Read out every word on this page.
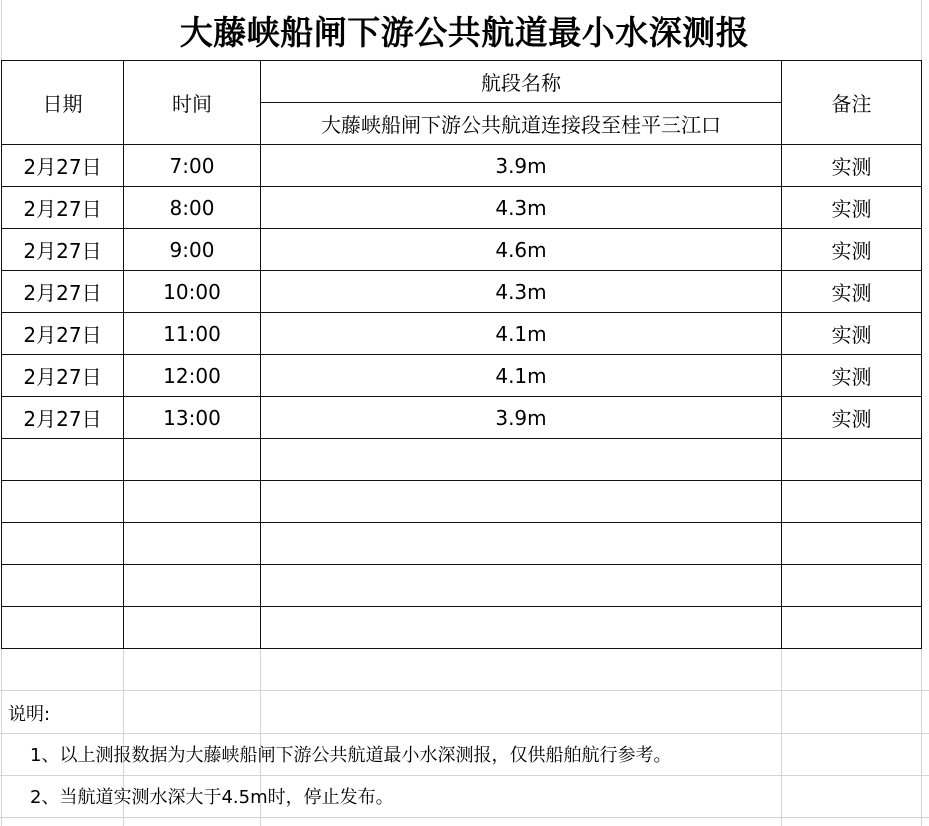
大藤峡船闸下游公共航道最小水深测报
日期	时间	航段名称	备注
		大藤峡船闸下游公共航道连接段至桂平三江口	
2月27日	7:00	3.9m	实测
2月27日	8:00	4.3m	实测
2月27日	9:00	4.6m	实测
2月27日	10:00	4.3m	实测
2月27日	11:00	4.1m	实测
2月27日	12:00	4.1m	实测
2月27日	13:00	3.9m	实测

说明:
1、以上测报数据为大藤峡船闸下游公共航道最小水深测报，仅供船舶航行参考。
2、当航道实测水深大于4.5m时，停止发布。
